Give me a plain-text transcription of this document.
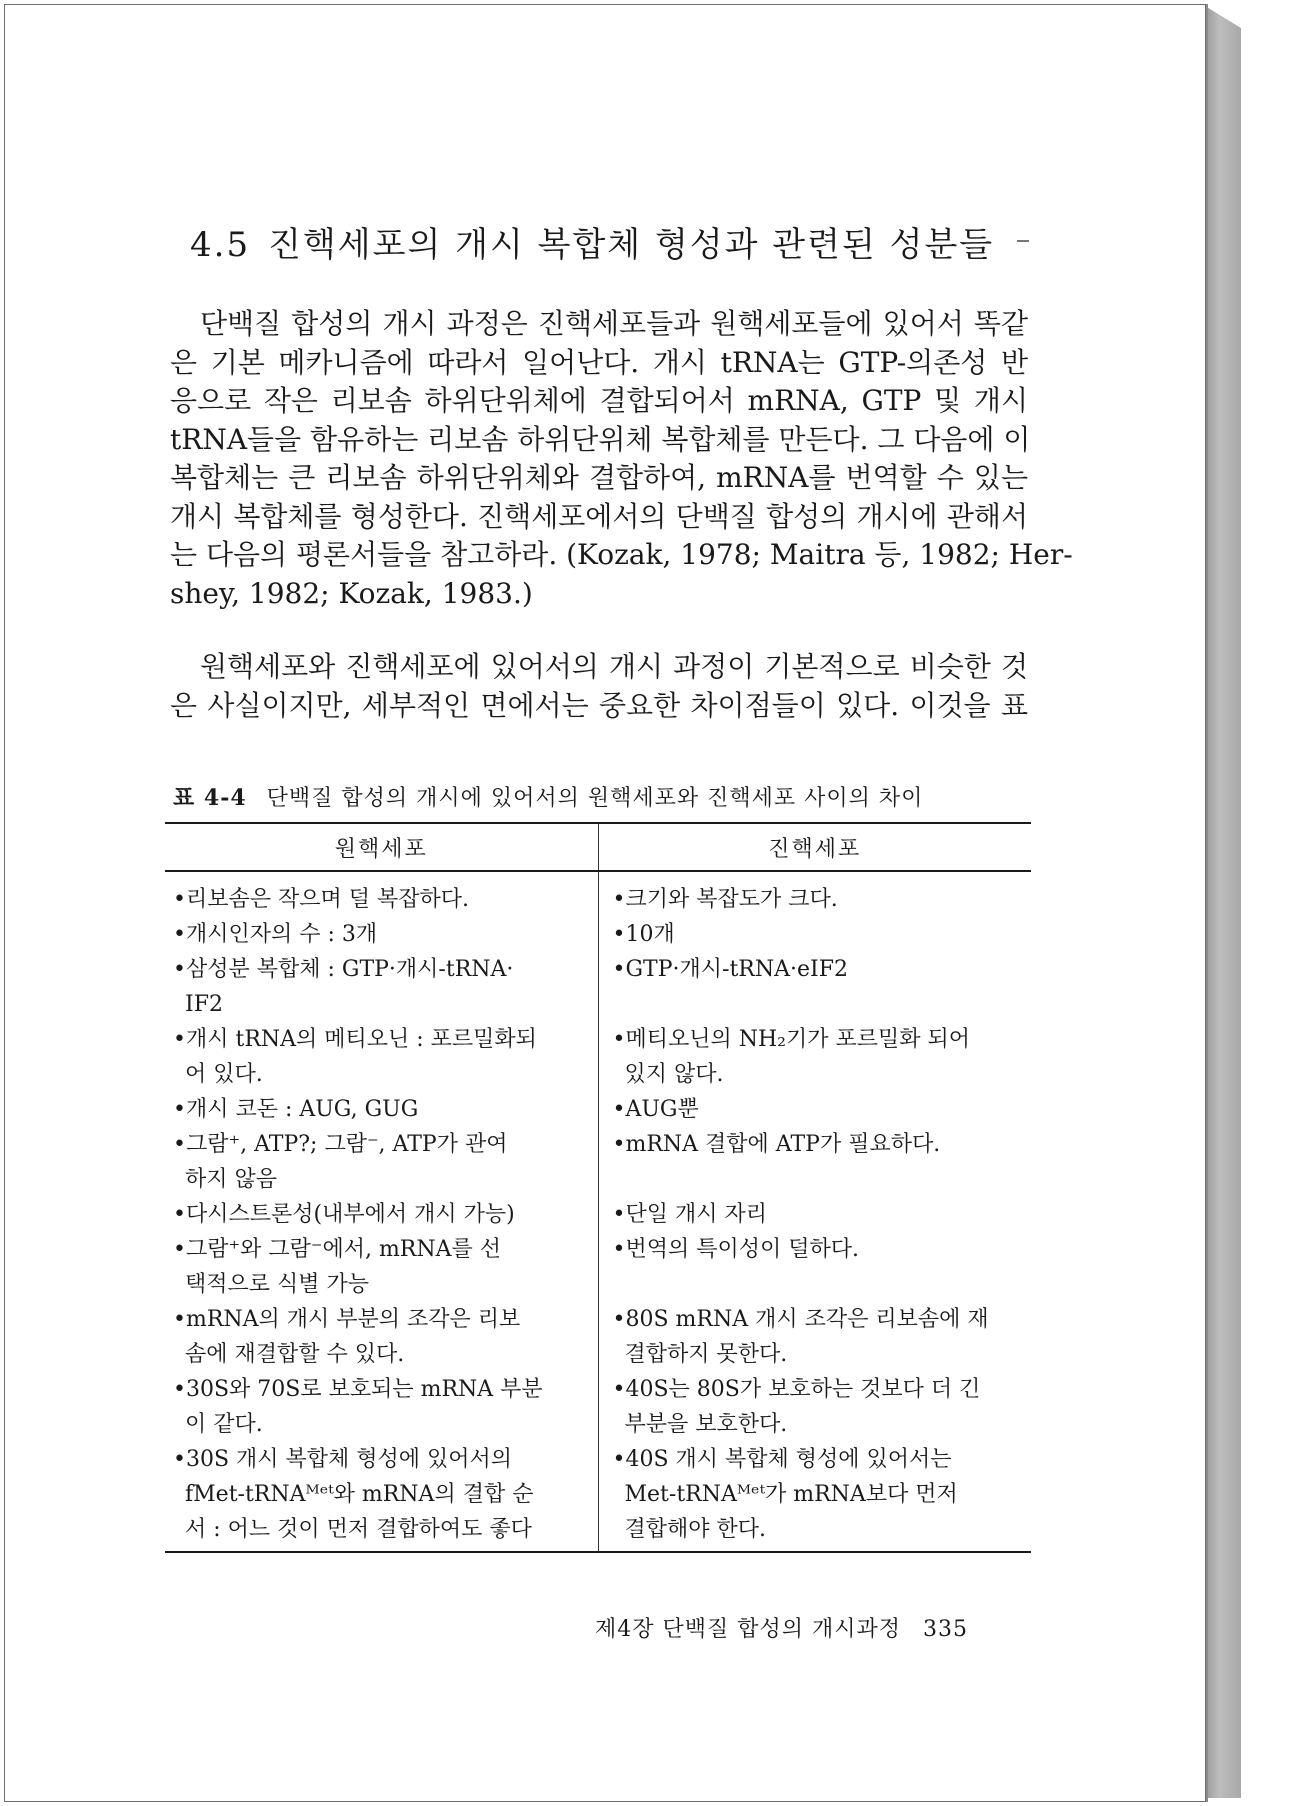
4.5 진핵세포의 개시 복합체 형성과 관련된 성분들

단백질 합성의 개시 과정은 진핵세포들과 원핵세포들에 있어서 똑같
은 기본 메카니즘에 따라서 일어난다. 개시 tRNA는 GTP-의존성 반
응으로 작은 리보솜 하위단위체에 결합되어서 mRNA, GTP 및 개시
tRNA들을 함유하는 리보솜 하위단위체 복합체를 만든다. 그 다음에 이
복합체는 큰 리보솜 하위단위체와 결합하여, mRNA를 번역할 수 있는
개시 복합체를 형성한다. 진핵세포에서의 단백질 합성의 개시에 관해서
는 다음의 평론서들을 참고하라. (Kozak, 1978; Maitra 등, 1982; Her-
shey, 1982; Kozak, 1983.)

원핵세포와 진핵세포에 있어서의 개시 과정이 기본적으로 비슷한 것
은 사실이지만, 세부적인 면에서는 중요한 차이점들이 있다. 이것을 표

표 4-4 단백질 합성의 개시에 있어서의 원핵세포와 진핵세포 사이의 차이

원핵세포	진핵세포

•리보솜은 작으며 덜 복잡하다.	•크기와 복잡도가 크다.

•개시인자의 수 : 3개	•10개

•삼성분 복합체 : GTP·개시-tRNA·
IF2	•GTP·개시-tRNA·eIF2

•개시 tRNA의 메티오닌 : 포르밀화되
어 있다.	•메티오닌의 NH₂기가 포르밀화 되어
있지 않다.

•개시 코돈 : AUG, GUG	•AUG뿐

•그람⁺, ATP?; 그람⁻, ATP가 관여
하지 않음	•mRNA 결합에 ATP가 필요하다.

•다시스트론성(내부에서 개시 가능)	•단일 개시 자리

•그람⁺와 그람⁻에서, mRNA를 선
택적으로 식별 가능	•번역의 특이성이 덜하다.

•mRNA의 개시 부분의 조각은 리보
솜에 재결합할 수 있다.	•80S mRNA 개시 조각은 리보솜에 재
결합하지 못한다.

•30S와 70S로 보호되는 mRNA 부분
이 같다.	•40S는 80S가 보호하는 것보다 더 긴
부분을 보호한다.

•30S 개시 복합체 형성에 있어서의
fMet-tRNAᴹᵉᵗ와 mRNA의 결합 순
서 : 어느 것이 먼저 결합하여도 좋다	•40S 개시 복합체 형성에 있어서는
Met-tRNAᴹᵉᵗ가 mRNA보다 먼저
결합해야 한다.
제4장 단백질 합성의 개시과정 335
